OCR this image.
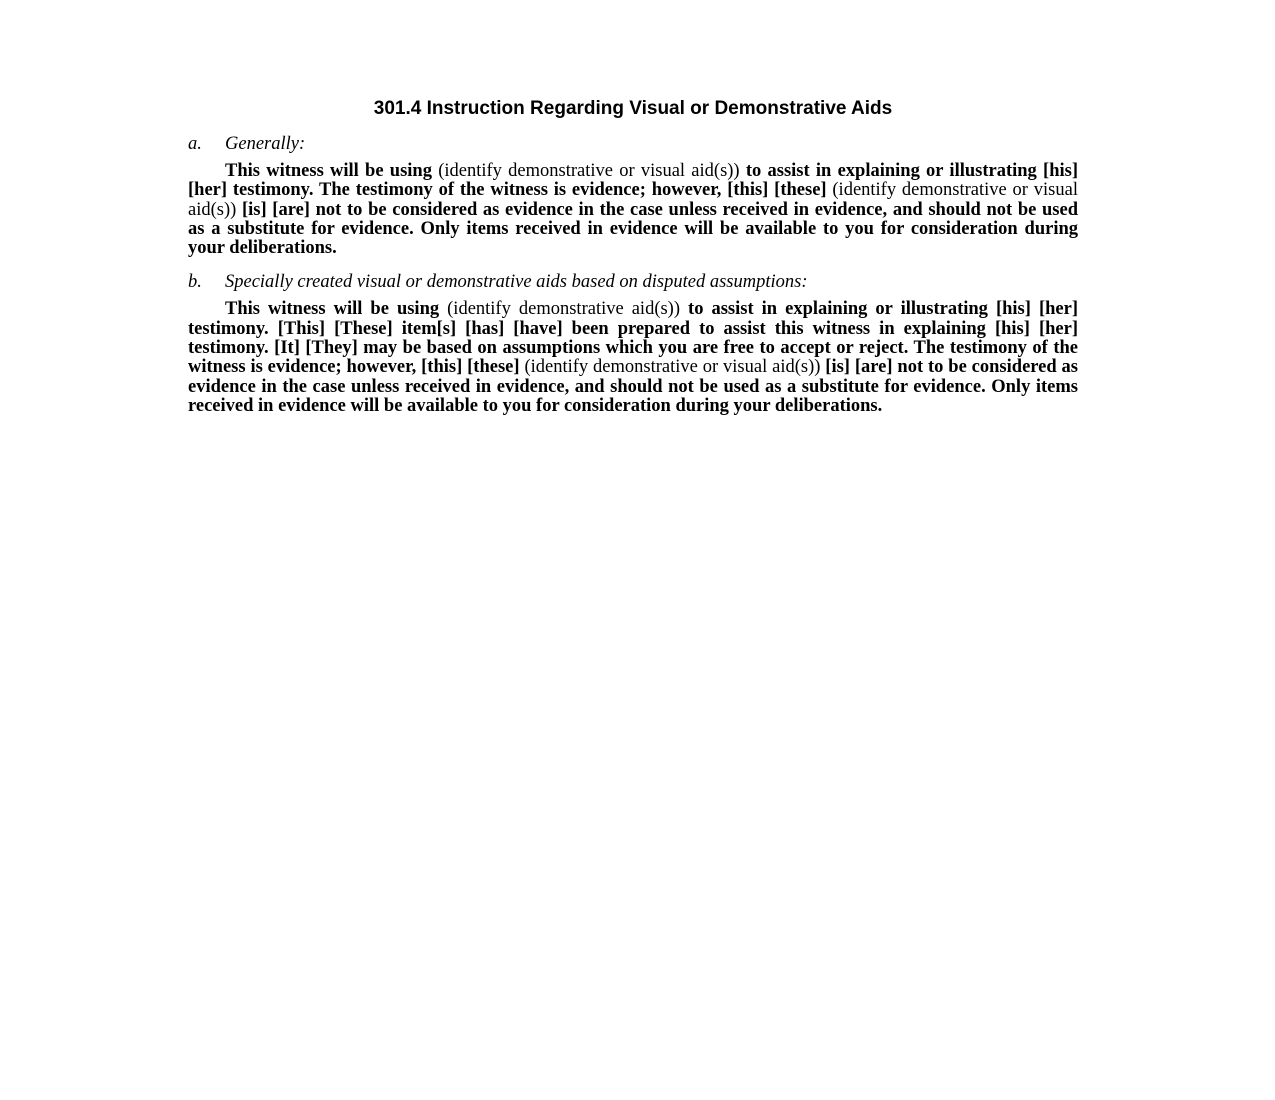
301.4 Instruction Regarding Visual or Demonstrative Aids
a. Generally:

This witness will be using (identify demonstrative or visual aid(s)) to assist in explaining or illustrating [his] [her] testimony. The testimony of the witness is evidence; however, [this] [these] (identify demonstrative or visual aid(s)) [is] [are] not to be considered as evidence in the case unless received in evidence, and should not be used as a substitute for evidence. Only items received in evidence will be available to you for consideration during your deliberations.

b. Specially created visual or demonstrative aids based on disputed assumptions:

This witness will be using (identify demonstrative aid(s)) to assist in explaining or illustrating [his] [her] testimony. [This] [These] item[s] [has] [have] been prepared to assist this witness in explaining [his] [her] testimony. [It] [They] may be based on assumptions which you are free to accept or reject. The testimony of the witness is evidence; however, [this] [these] (identify demonstrative or visual aid(s)) [is] [are] not to be considered as evidence in the case unless received in evidence, and should not be used as a substitute for evidence. Only items received in evidence will be available to you for consideration during your deliberations.
